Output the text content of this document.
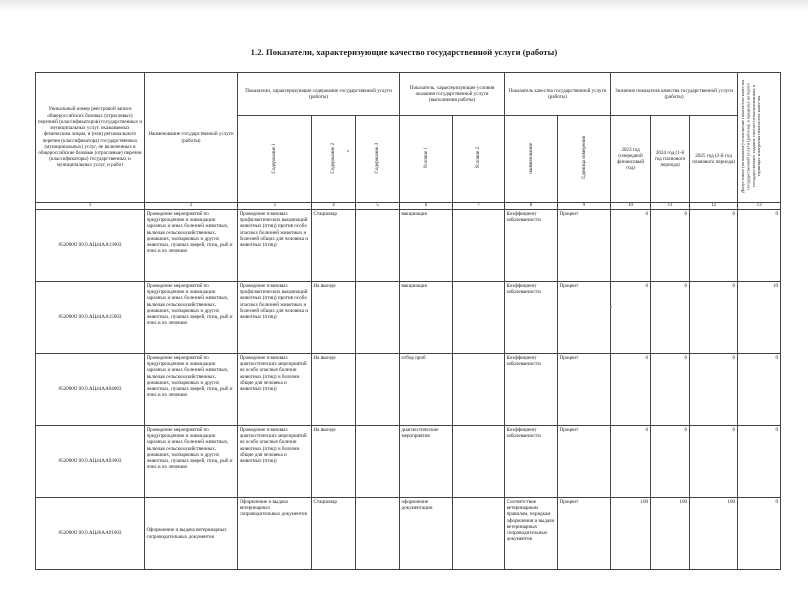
1.2. Показатели, характеризующие качество государственной услуги (работы)
Уникальный номер реестровой записи общероссийских базовых (отраслевых) перечней (классификаторов) государственных и муниципальных услуг, оказываемых физическим лицам, и (или) регионального перечня (классификатора) государственных (муниципальных) услуг, не включенных в общероссийские базовые (отраслевые) перечни (классификаторы) государственных и муниципальных услуг, и работ	Наименование государственной услуги (работы)	Показатели, характеризующие содержание государственной услуги (работы)			Показатель, характеризующие условия оказания государственной услуги (выполнения работы)		Показатель качества государственной услуги (работы)		Значение показателя качества государственной услуги (работы)			Допустимое (возможное) отклонение показателя качества государственной услуги (работы), в пределах которого государственное задание считается выполненным, в единицах измерения показателя качества
		Содержание 1	Содержание 2	Содержание 3	Условие 1	Условие 2	наименование	Единица измерения	2023 год (очередной финансовый год)	2024 год (1-й год планового периода)	2025 год (2-й год планового периода)	
1	2	3	4	5	6	7	8	9	10	11	12	13
852000О.99.0.АЦ44АА13003	Проведение мероприятий по предупреждению и ликвидации заразных и иных болезней животных, включая сельскохозяйственных, домашних, зоопарковых и других животных, пушных зверей, птиц, рыб и пчел и их лечению	Проведение плановых профилактических вакцинаций животных (птиц) против особо опасных болезней животных и болезней общих для человека и животных (птиц)	Стационар		вакцинация		Коэффициент заболеваемости	Процент	0	0	0	0
852000О.99.0.АЦ44АА15003	Проведение мероприятий по предупреждению и ликвидации заразных и иных болезней животных, включая сельскохозяйственных, домашних, зоопарковых и других животных, пушных зверей, птиц, рыб и пчел и их лечению	Проведение плановых профилактических вакцинаций животных (птиц) против особо опасных болезней животных и болезней общих для человека и животных (птиц)	На выезде		вакцинация		Коэффициент заболеваемости	Процент	0	0	0	10
852000О.99.0.АЦ44АА04003	Проведение мероприятий по предупреждению и ликвидации заразных и иных болезней животных, включая сельскохозяйственных, домашних, зоопарковых и других животных, пушных зверей, птиц, рыб и пчел и их лечению	Проведение плановых диагностических мероприятий на особо опасные болезни животных (птиц) и болезни общие для человека и животных (птиц)	На выезде		отбор проб		Коэффициент заболеваемости	Процент	0	0	0	0
852000О.99.0.АЦ44АА03003	Проведение мероприятий по предупреждению и ликвидации заразных и иных болезней животных, включая сельскохозяйственных, домашних, зоопарковых и других животных, пушных зверей, птиц, рыб и пчел и их лечению	Проведение плановых диагностических мероприятий на особо опасные болезни животных (птиц) и болезни общие для человека и животных (птиц)	На выезде		диагностические мероприятия		Коэффициент заболеваемости	Процент	0	0	0	0
852000О.99.0.АЦ46АА01003	Оформление и выдача ветеринарных сопроводительных документов	Оформление и выдача ветеринарных сопроводительных документов	Стационар		оформление документации		Соответствие ветеринарным правилам, порядкам оформления и выдачи ветеринарных сопроводительных документов	Процент	100	100	100	0
